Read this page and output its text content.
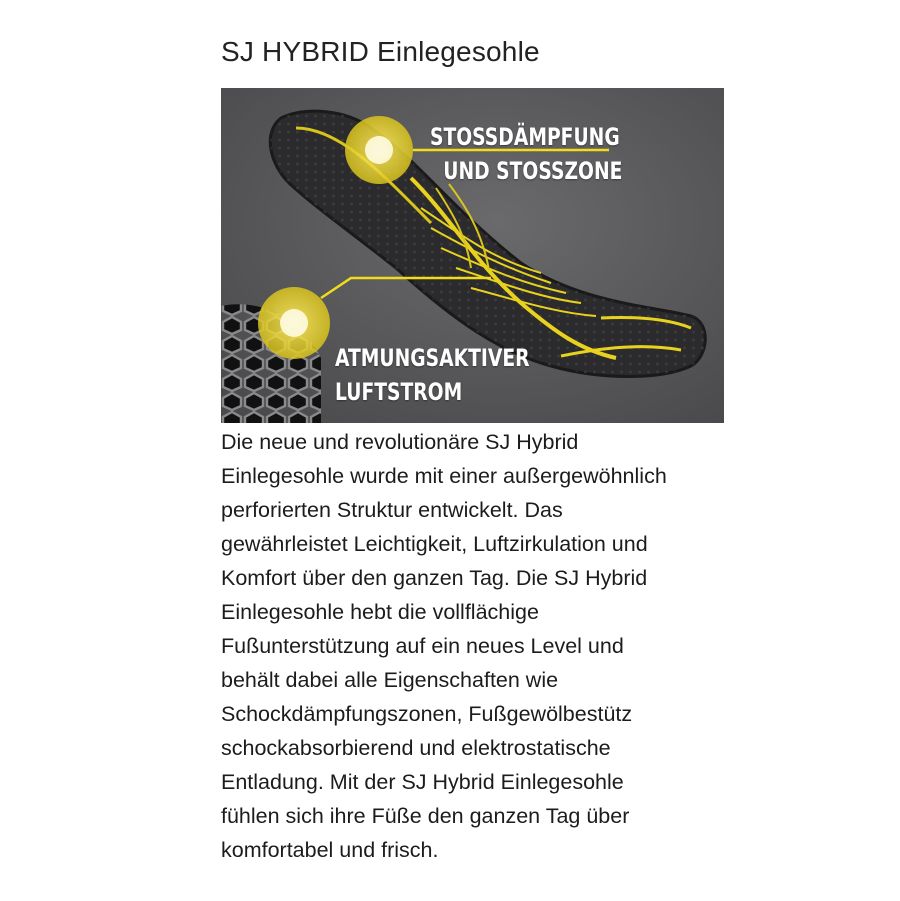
SJ HYBRID Einlegesohle
STOSSDÄMPFUNG
UND STOSSZONE
ATMUNGSAKTIVER
LUFTSTROM

Die neue und revolutionäre SJ Hybrid
Einlegesohle wurde mit einer außergewöhnlich
perforierten Struktur entwickelt. Das
gewährleistet Leichtigkeit, Luftzirkulation und
Komfort über den ganzen Tag. Die SJ Hybrid
Einlegesohle hebt die vollflächige
Fußunterstützung auf ein neues Level und
behält dabei alle Eigenschaften wie
Schockdämpfungszonen, Fußgewölbestütz
schockabsorbierend und elektrostatische
Entladung. Mit der SJ Hybrid Einlegesohle
fühlen sich ihre Füße den ganzen Tag über
komfortabel und frisch.
